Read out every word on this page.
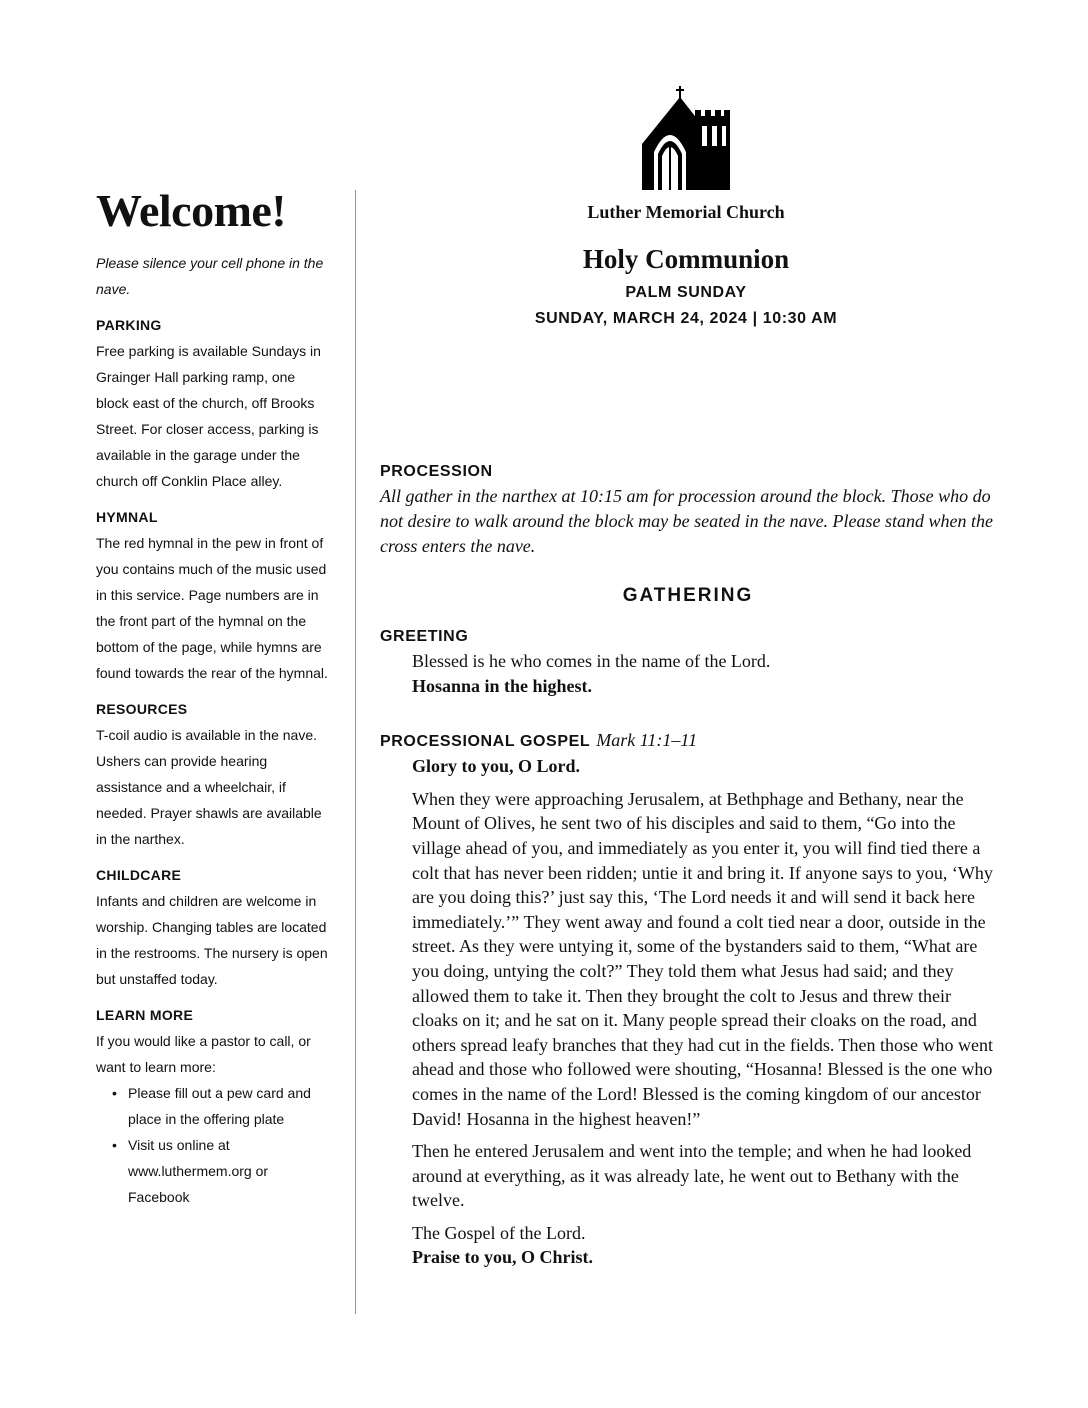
Welcome!

Please silence your cell phone in the nave.

PARKING

Free parking is available Sundays in Grainger Hall parking ramp, one block east of the church, off Brooks Street. For closer access, parking is available in the garage under the church off Conklin Place alley.

HYMNAL

The red hymnal in the pew in front of you contains much of the music used in this service. Page numbers are in the front part of the hymnal on the bottom of the page, while hymns are found towards the rear of the hymnal.

RESOURCES

T-coil audio is available in the nave. Ushers can provide hearing assistance and a wheelchair, if needed. Prayer shawls are available in the narthex.

CHILDCARE

Infants and children are welcome in worship. Changing tables are located in the restrooms. The nursery is open but unstaffed today.

LEARN MORE

If you would like a pastor to call, or want to learn more:

• Please fill out a pew card and place in the offering plate
• Visit us online at www.luthermem.org or Facebook
Luther Memorial Church
Holy Communion
PALM SUNDAY
SUNDAY, MARCH 24, 2024 | 10:30 AM

PROCESSION

All gather in the narthex at 10:15 am for procession around the block. Those who do not desire to walk around the block may be seated in the nave. Please stand when the cross enters the nave.

GATHERING

GREETING

Blessed is he who comes in the name of the Lord.

Hosanna in the highest.

PROCESSIONAL GOSPEL Mark 11:1–11

Glory to you, O Lord.

When they were approaching Jerusalem, at Bethphage and Bethany, near the Mount of Olives, he sent two of his disciples and said to them, “Go into the village ahead of you, and immediately as you enter it, you will find tied there a colt that has never been ridden; untie it and bring it. If anyone says to you, ‘Why are you doing this?’ just say this, ‘The Lord needs it and will send it back here immediately.’” They went away and found a colt tied near a door, outside in the street. As they were untying it, some of the bystanders said to them, “What are you doing, untying the colt?” They told them what Jesus had said; and they allowed them to take it. Then they brought the colt to Jesus and threw their cloaks on it; and he sat on it. Many people spread their cloaks on the road, and others spread leafy branches that they had cut in the fields. Then those who went ahead and those who followed were shouting, “Hosanna! Blessed is the one who comes in the name of the Lord! Blessed is the coming kingdom of our ancestor David! Hosanna in the highest heaven!”

Then he entered Jerusalem and went into the temple; and when he had looked around at everything, as it was already late, he went out to Bethany with the twelve.

The Gospel of the Lord.

Praise to you, O Christ.
